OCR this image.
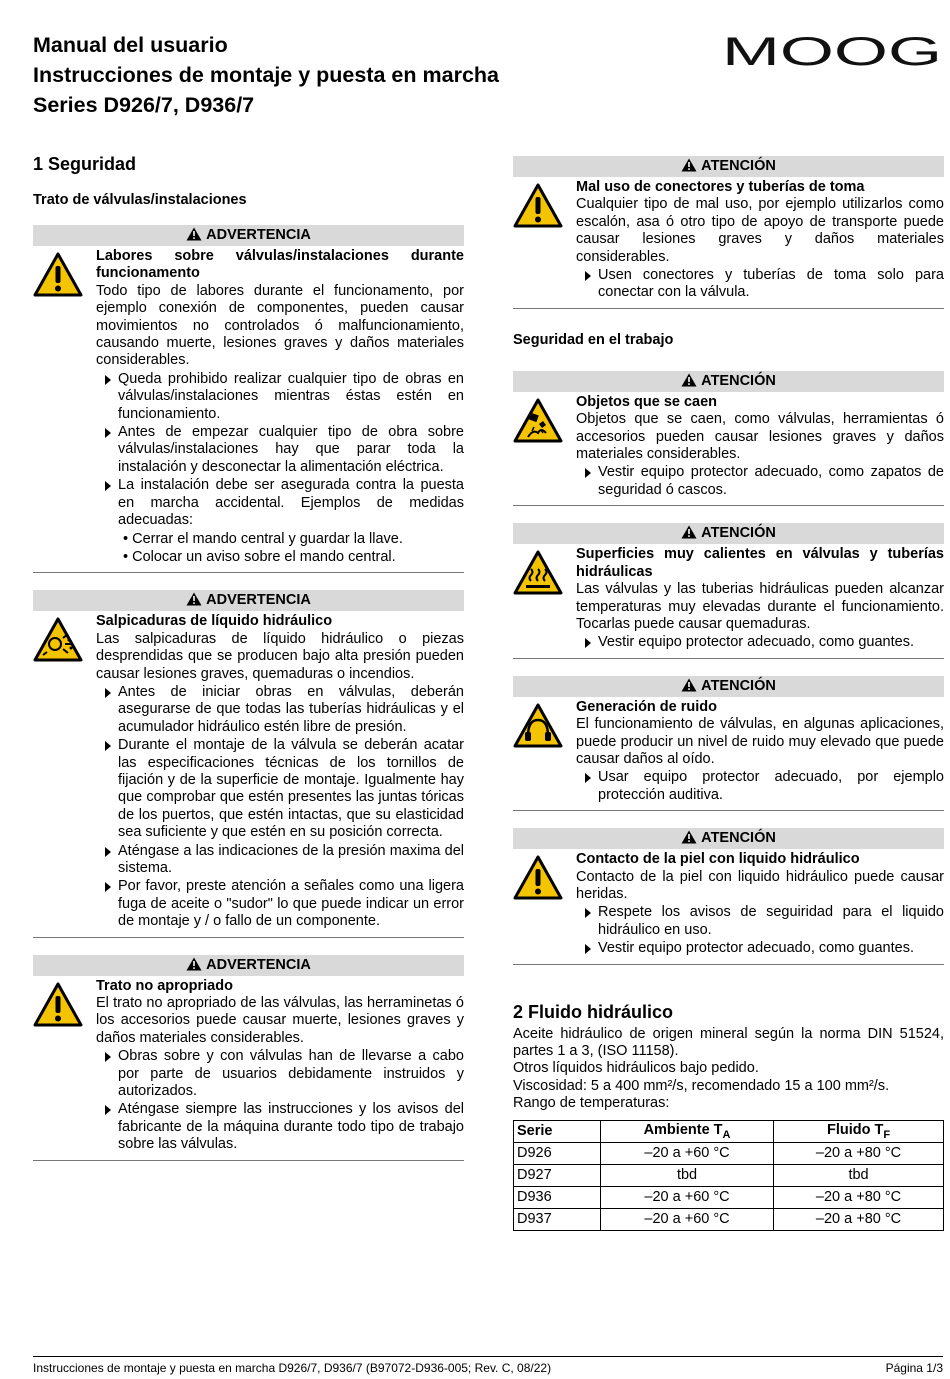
Manual del usuario
Instrucciones de montaje y puesta en marcha
Series D926/7, D936/7
MOOG
1 Seguridad
Trato de válvulas/instalaciones
ADVERTENCIA
Labores sobre válvulas/instalaciones durante funcionamento

Todo tipo de labores durante el funcionamento, por ejemplo conexión de componentes, pueden causar movimientos no controlados ó malfuncionamiento, causando muerte, lesiones graves y daños materiales considerables.

Queda prohibido realizar cualquier tipo de obras en válvulas/instalaciones mientras éstas estén en funcionamiento.
Antes de empezar cualquier tipo de obra sobre válvulas/instalaciones hay que parar toda la instalación y desconectar la alimentación eléctrica.
La instalación debe ser asegurada contra la puesta en marcha accidental. Ejemplos de medidas adecuadas:
• Cerrar el mando central y guardar la llave.
• Colocar un aviso sobre el mando central.
ADVERTENCIA
Salpicaduras de líquido hidráulico

Las salpicaduras de líquido hidráulico o piezas desprendidas que se producen bajo alta presión pueden causar lesiones graves, quemaduras o incendios.

Antes de iniciar obras en válvulas, deberán asegurarse de que todas las tuberías hidráulicas y el acumulador hidráulico estén libre de presión.
Durante el montaje de la válvula se deberán acatar las especificaciones técnicas de los tornillos de fijación y de la superficie de montaje. Igualmente hay que comprobar que estén presentes las juntas tóricas de los puertos, que estén intactas, que su elasticidad sea suficiente y que estén en su posición correcta.
Aténgase a las indicaciones de la presión maxima del sistema.
Por favor, preste atención a señales como una ligera fuga de aceite o "sudor" lo que puede indicar un error de montaje y / o fallo de un componente.
ADVERTENCIA
Trato no apropriado

El trato no apropriado de las válvulas, las herraminetas ó los accesorios puede causar muerte, lesiones graves y daños materiales considerables.

Obras sobre y con válvulas han de llevarse a cabo por parte de usuarios debidamente instruidos y autorizados.
Aténgase siempre las instrucciones y los avisos del fabricante de la máquina durante todo tipo de trabajo sobre las válvulas.
ATENCIÓN
Mal uso de conectores y tuberías de toma

Cualquier tipo de mal uso, por ejemplo utilizarlos como escalón, asa ó otro tipo de apoyo de transporte puede causar lesiones graves y daños materiales considerables.

Usen conectores y tuberías de toma solo para conectar con la válvula.
Seguridad en el trabajo
ATENCIÓN
Objetos que se caen

Objetos que se caen, como válvulas, herramientas ó accesorios pueden causar lesiones graves y daños materiales considerables.

Vestir equipo protector adecuado, como zapatos de seguridad ó cascos.
ATENCIÓN
Superficies muy calientes en válvulas y tuberías hidráulicas

Las válvulas y las tuberias hidráulicas pueden alcanzar temperaturas muy elevadas durante el funcionamiento. Tocarlas puede causar quemaduras.

Vestir equipo protector adecuado, como guantes.
ATENCIÓN
Generación de ruido

El funcionamiento de válvulas, en algunas aplicaciones, puede producir un nivel de ruido muy elevado que puede causar daños al oído.

Usar equipo protector adecuado, por ejemplo protección auditiva.
ATENCIÓN
Contacto de la piel con liquido hidráulico

Contacto de la piel con liquido hidráulico puede causar heridas.

Respete los avisos de seguiridad para el liquido hidráulico en uso.
Vestir equipo protector adecuado, como guantes.
2 Fluido hidráulico

Aceite hidráulico de origen mineral según la norma DIN 51524, partes 1 a 3, (ISO 11158).

Otros líquidos hidráulicos bajo pedido.

Viscosidad: 5 a 400 mm²/s, recomendado 15 a 100 mm²/s.

Rango de temperaturas:

Serie	Ambiente $T_A$	Fluido $T_F$
D926	–20 a +60 °C	–20 a +80 °C
D927	tbd	tbd
D936	–20 a +60 °C	–20 a +80 °C
D937	–20 a +60 °C	–20 a +80 °C
Instrucciones de montaje y puesta en marcha D926/7, D936/7 (B97072-D936-005; Rev. C, 08/22)	Página 1/3
